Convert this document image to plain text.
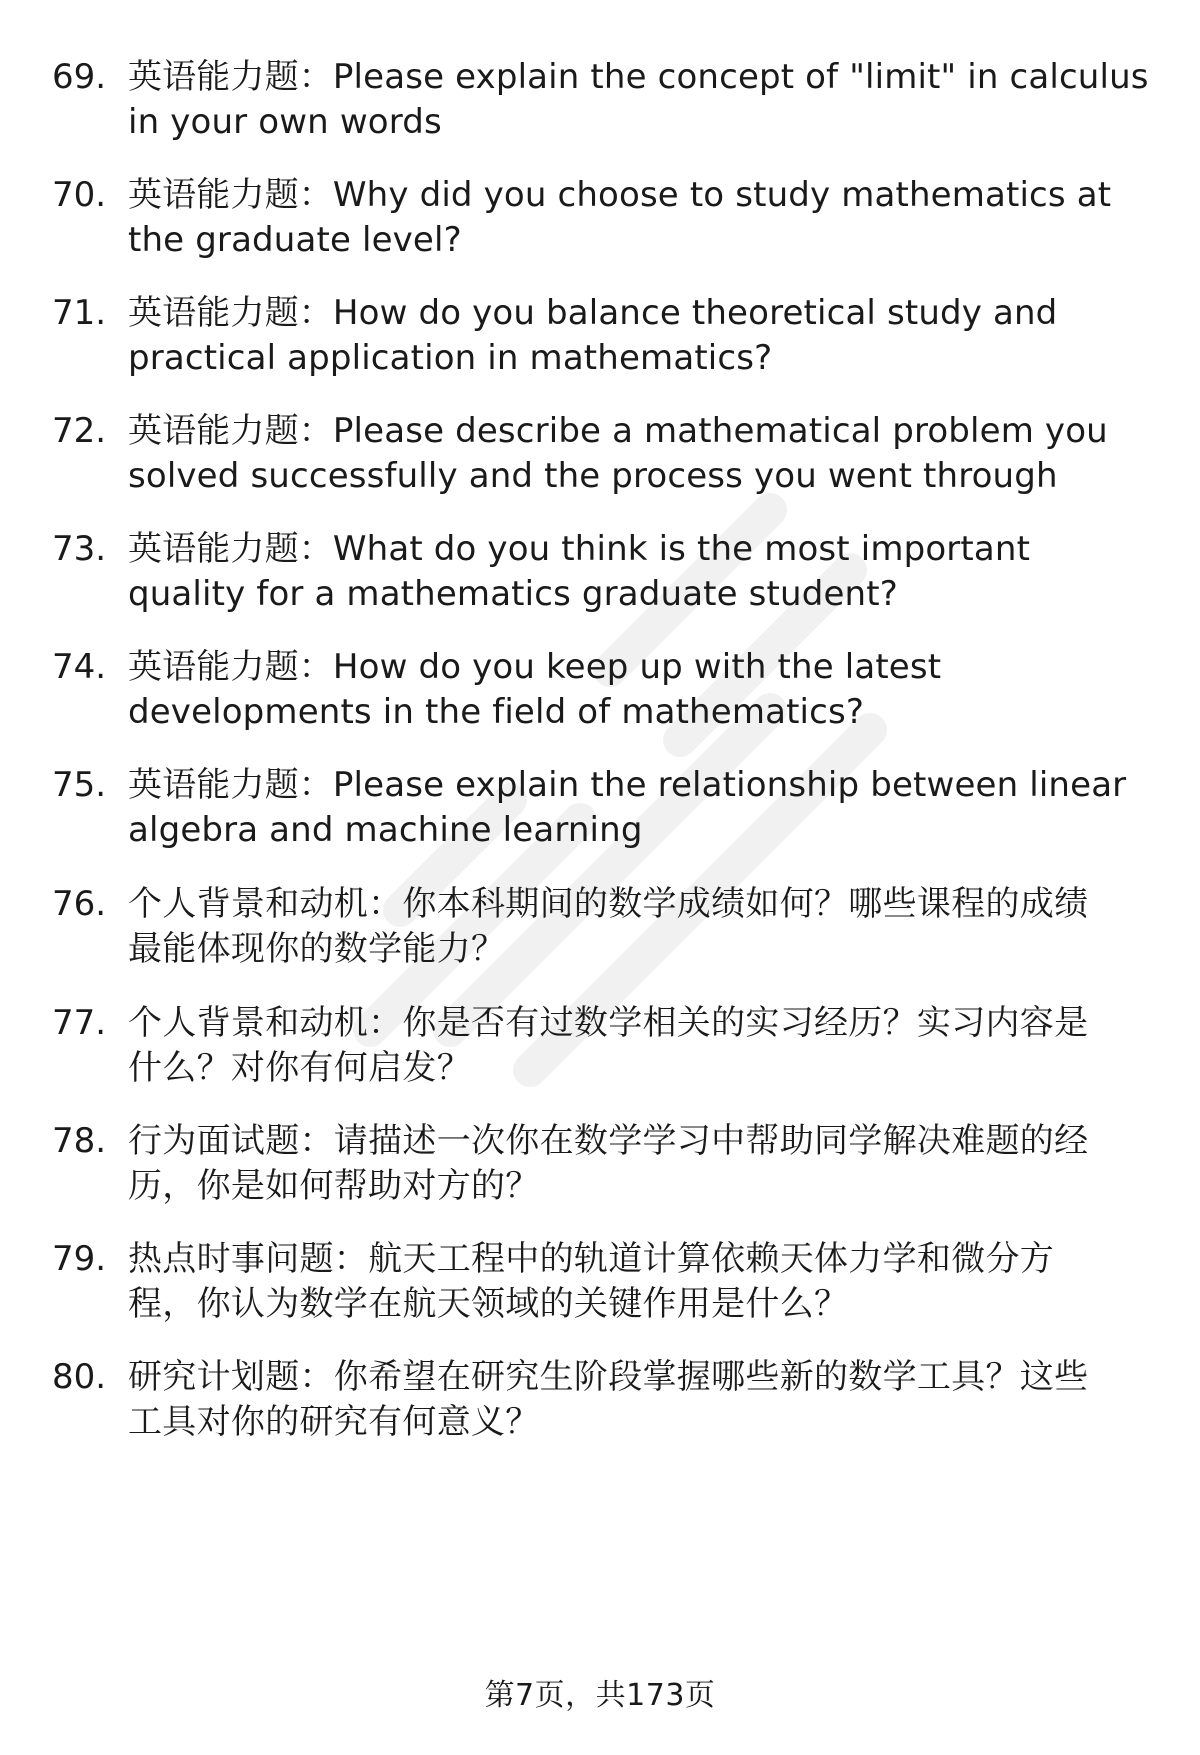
69. 英语能力题：Please explain the concept of "limit" in calculus
in your own words
70. 英语能力题：Why did you choose to study mathematics at
the graduate level?
71. 英语能力题：How do you balance theoretical study and
practical application in mathematics?
72. 英语能力题：Please describe a mathematical problem you
solved successfully and the process you went through
73. 英语能力题：What do you think is the most important
quality for a mathematics graduate student?
74. 英语能力题：How do you keep up with the latest
developments in the field of mathematics?
75. 英语能力题：Please explain the relationship between linear
algebra and machine learning
76. 个人背景和动机：你本科期间的数学成绩如何？哪些课程的成绩
最能体现你的数学能力？
77. 个人背景和动机：你是否有过数学相关的实习经历？实习内容是
什么？对你有何启发？
78. 行为面试题：请描述一次你在数学学习中帮助同学解决难题的经
历，你是如何帮助对方的？
79. 热点时事问题：航天工程中的轨道计算依赖天体力学和微分方
程，你认为数学在航天领域的关键作用是什么？
80. 研究计划题：你希望在研究生阶段掌握哪些新的数学工具？这些
工具对你的研究有何意义？
第7页，共173页
